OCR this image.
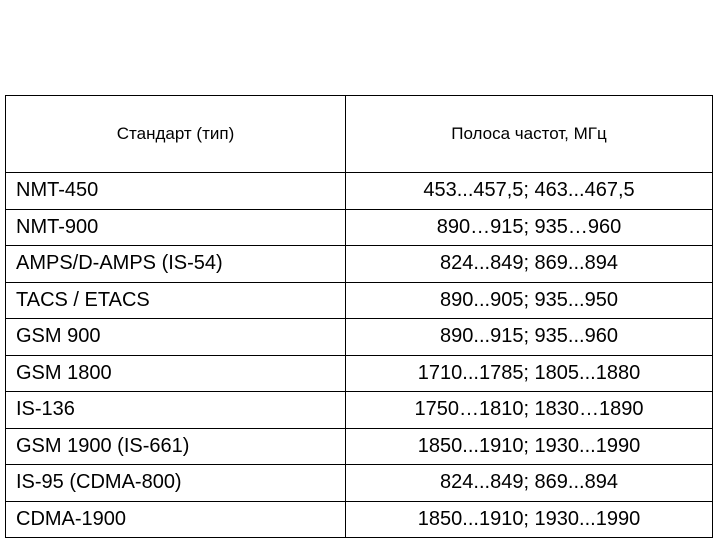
Стандарт (тип)	Полоса частот, МГц
NMT-450	453...457,5; 463...467,5
NMT-900	890…915; 935…960
AMPS/D-AMPS (IS-54)	824...849; 869...894
TACS / ETACS	890...905; 935...950
GSM 900	890...915; 935...960
GSM 1800	1710...1785; 1805...1880
IS-136	1750…1810; 1830…1890
GSM 1900 (IS-661)	1850...1910; 1930...1990
IS-95 (CDMA-800)	824...849; 869...894
CDMA-1900	1850...1910; 1930...1990
